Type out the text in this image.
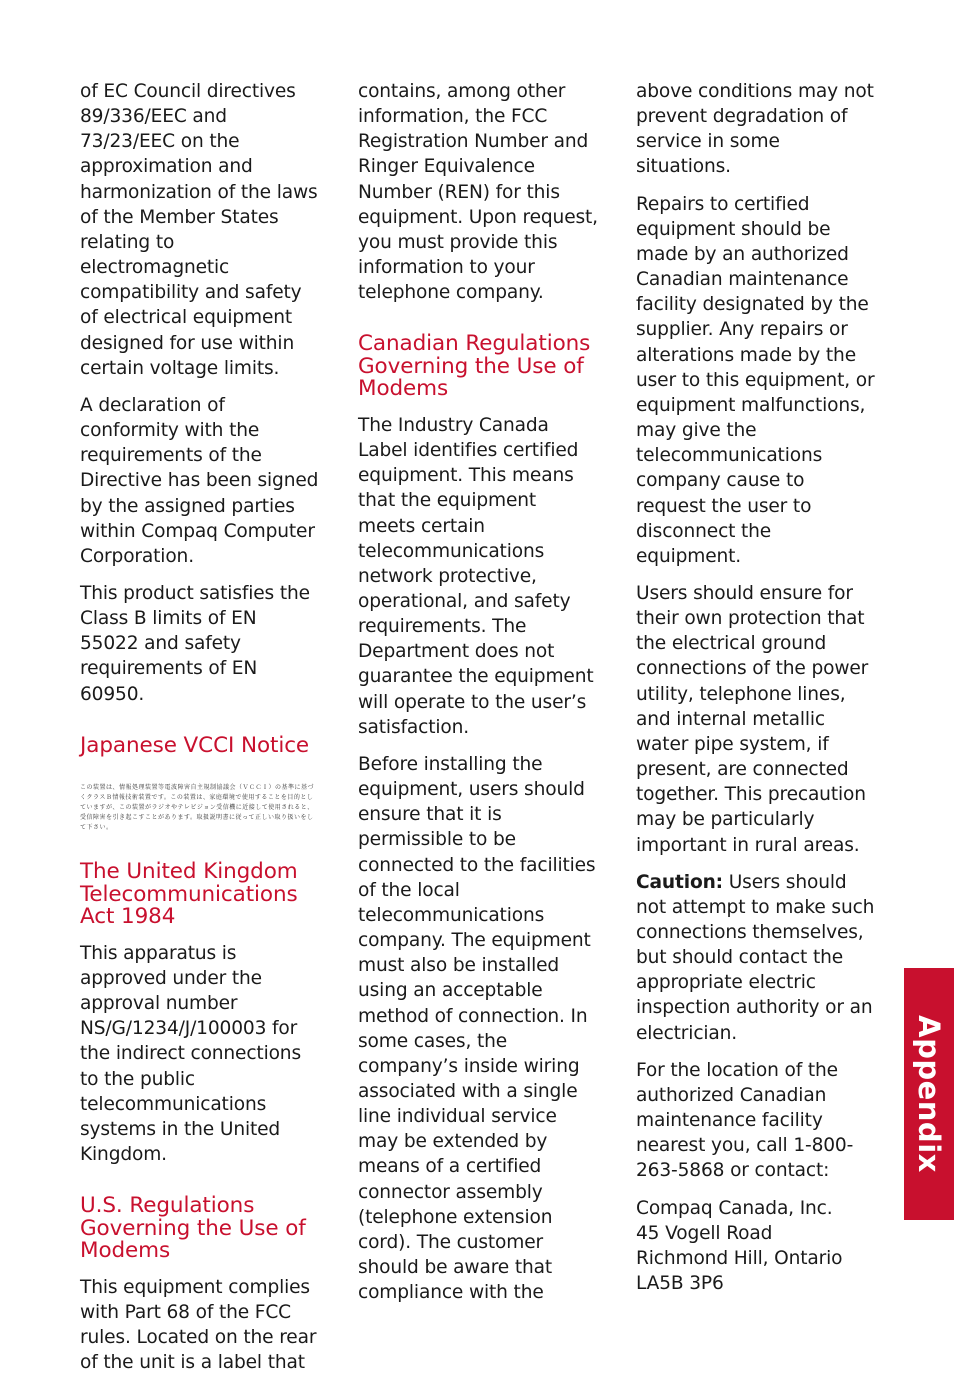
of EC Council directives 89/336/EEC and 73/23/EEC on the approximation and harmonization of the laws of the Member States relating to electromagnetic compatibility and safety of electrical equipment designed for use within certain voltage limits.

A declaration of conformity with the requirements of the Directive has been signed by the assigned parties within Compaq Computer Corporation.

This product satisfies the Class B limits of EN 55022 and safety requirements of EN 60950.

Japanese VCCI Notice
この装置は、情報処理装置等電波障害自主規制協議会（ＶＣＣＩ）の基準に基づくクラスＢ情報技術装置です。この装置は、家庭環境で使用することを目的としていますが、この装置がラジオやテレビジョン受信機に近接して使用されると、受信障害を引き起こすことがあります。取扱説明書に従って正しい取り扱いをして下さい。
The United Kingdom Telecommunications Act 1984

This apparatus is approved under the approval number NS/G/1234/J/100003 for the indirect connections to the public telecommunications systems in the United Kingdom.

U.S. Regulations Governing the Use of Modems

This equipment complies with Part 68 of the FCC rules. Located on the rear of the unit is a label that

contains, among other information, the FCC Registration Number and Ringer Equivalence Number (REN) for this equipment. Upon request, you must provide this information to your telephone company.

Canadian Regulations Governing the Use of Modems

The Industry Canada Label identifies certified equipment. This means that the equipment meets certain telecommunications network protective, operational, and safety requirements. The Department does not guarantee the equipment will operate to the user’s satisfaction.

Before installing the equipment, users should ensure that it is permissible to be connected to the facilities of the local telecommunications company. The equipment must also be installed using an acceptable method of connection. In some cases, the company’s inside wiring associated with a single line individual service may be extended by means of a certified connector assembly (telephone extension cord). The customer should be aware that compliance with the

above conditions may not prevent degradation of service in some situations.

Repairs to certified equipment should be made by an authorized Canadian maintenance facility designated by the supplier. Any repairs or alterations made by the user to this equipment, or equipment malfunctions, may give the telecommunications company cause to request the user to disconnect the equipment.

Users should ensure for their own protection that the electrical ground connections of the power utility, telephone lines, and internal metallic water pipe system, if present, are connected together. This precaution may be particularly important in rural areas.

Caution: Users should not attempt to make such connections themselves, but should contact the appropriate electric inspection authority or an electrician.

For the location of the authorized Canadian maintenance facility nearest you, call 1-800-263-5868 or contact:

Compaq Canada, Inc.
45 Vogell Road
Richmond Hill, Ontario
LA5B 3P6

Appendix
